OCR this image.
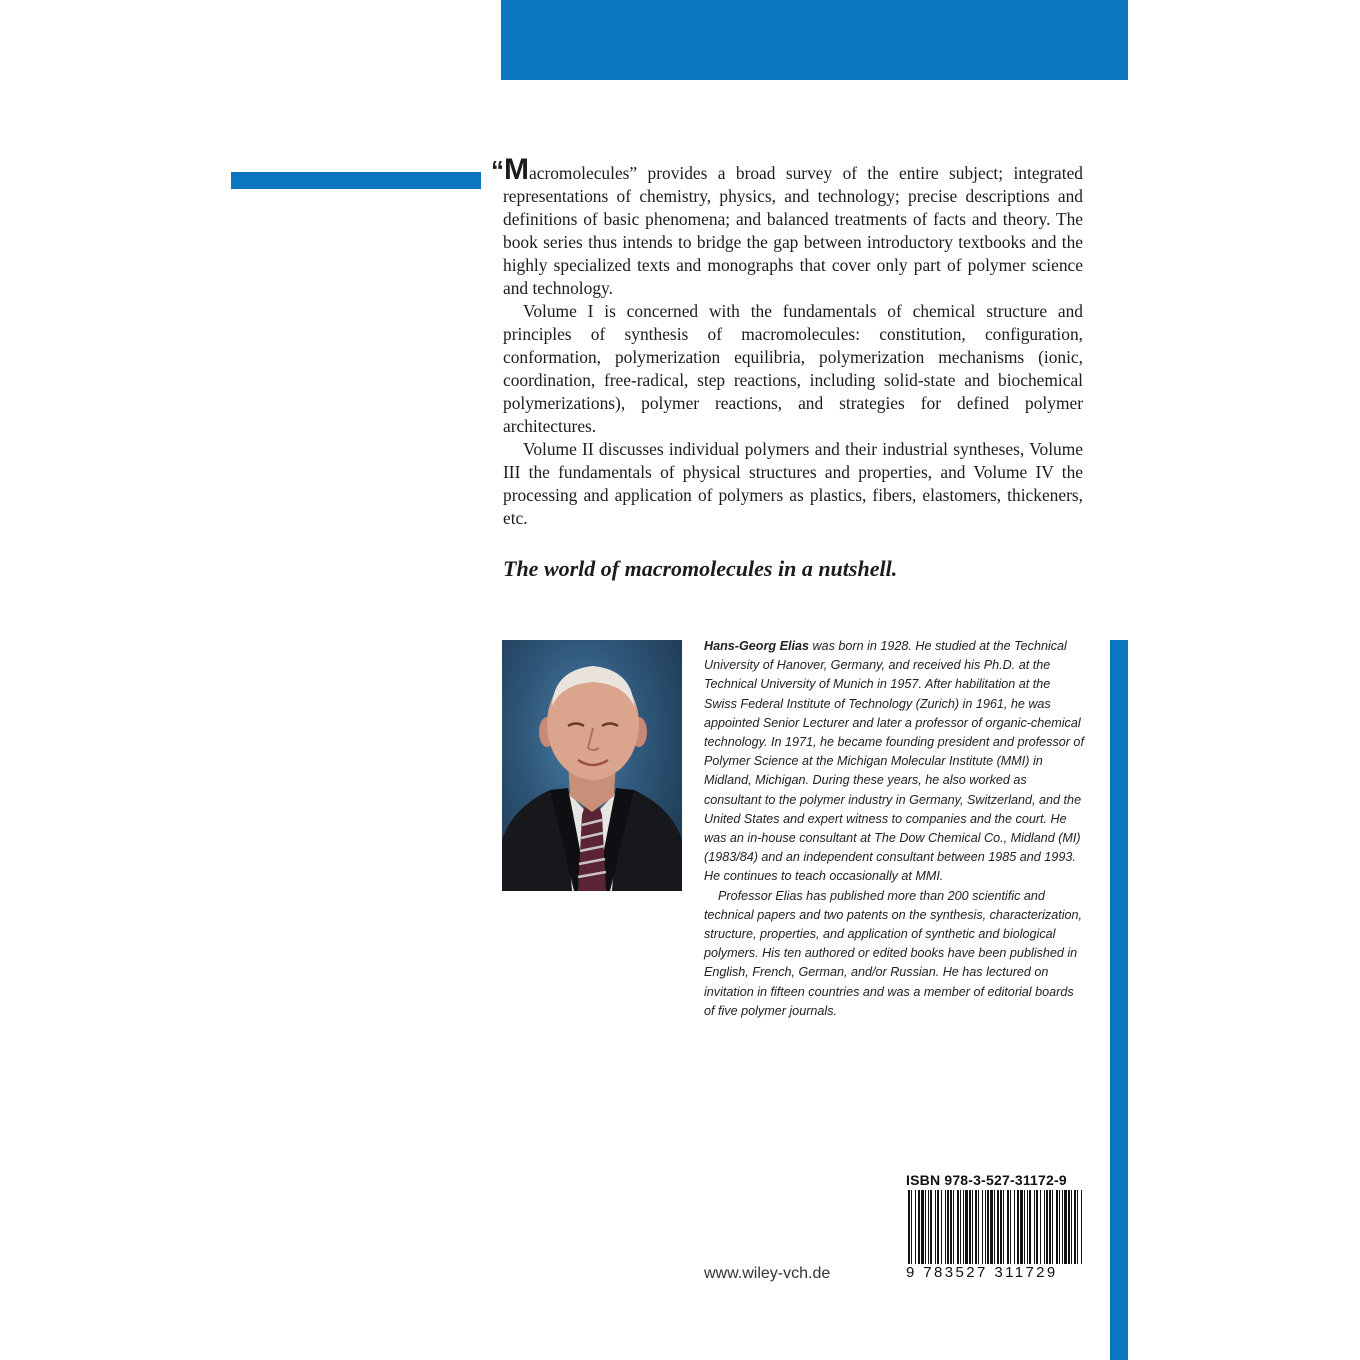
“Macromolecules” provides a broad survey of the entire subject; integrated representations of chemistry, physics, and technology; precise descriptions and definitions of basic phenomena; and balanced treatments of facts and theory. The book series thus intends to bridge the gap between introductory textbooks and the highly specialized texts and monographs that cover only part of polymer science and technology.

Volume I is concerned with the fundamentals of chemical structure and principles of synthesis of macromolecules: constitution, configuration, conformation, polymerization equilibria, polymerization mechanisms (ionic, coordination, free-radical, step reactions, including solid-state and biochemical polymerizations), polymer reactions, and strategies for defined polymer architectures.

Volume II discusses individual polymers and their industrial syntheses, Volume III the fundamentals of physical structures and properties, and Volume IV the processing and application of polymers as plastics, fibers, elastomers, thickeners, etc.

The world of macromolecules in a nutshell.

Hans-Georg Elias was born in 1928. He studied at the Technical University of Hanover, Germany, and received his Ph.D. at the Technical University of Munich in 1957. After habilitation at the Swiss Federal Institute of Technology (Zurich) in 1961, he was appointed Senior Lecturer and later a professor of organic-chemical technology. In 1971, he became founding president and professor of Polymer Science at the Michigan Molecular Institute (MMI) in Midland, Michigan. During these years, he also worked as consultant to the polymer industry in Germany, Switzerland, and the United States and expert witness to companies and the court. He was an in-house consultant at The Dow Chemical Co., Midland (MI) (1983/84) and an independent consultant between 1985 and 1993. He continues to teach occasionally at MMI.

Professor Elias has published more than 200 scientific and technical papers and two patents on the synthesis, characterization, structure, properties, and application of synthetic and biological polymers. His ten authored or edited books have been published in English, French, German, and/or Russian. He has lectured on invitation in fifteen countries and was a member of editorial boards of five polymer journals.

www.wiley-vch.de
ISBN 978-3-527-31172-9
9 783527 311729
